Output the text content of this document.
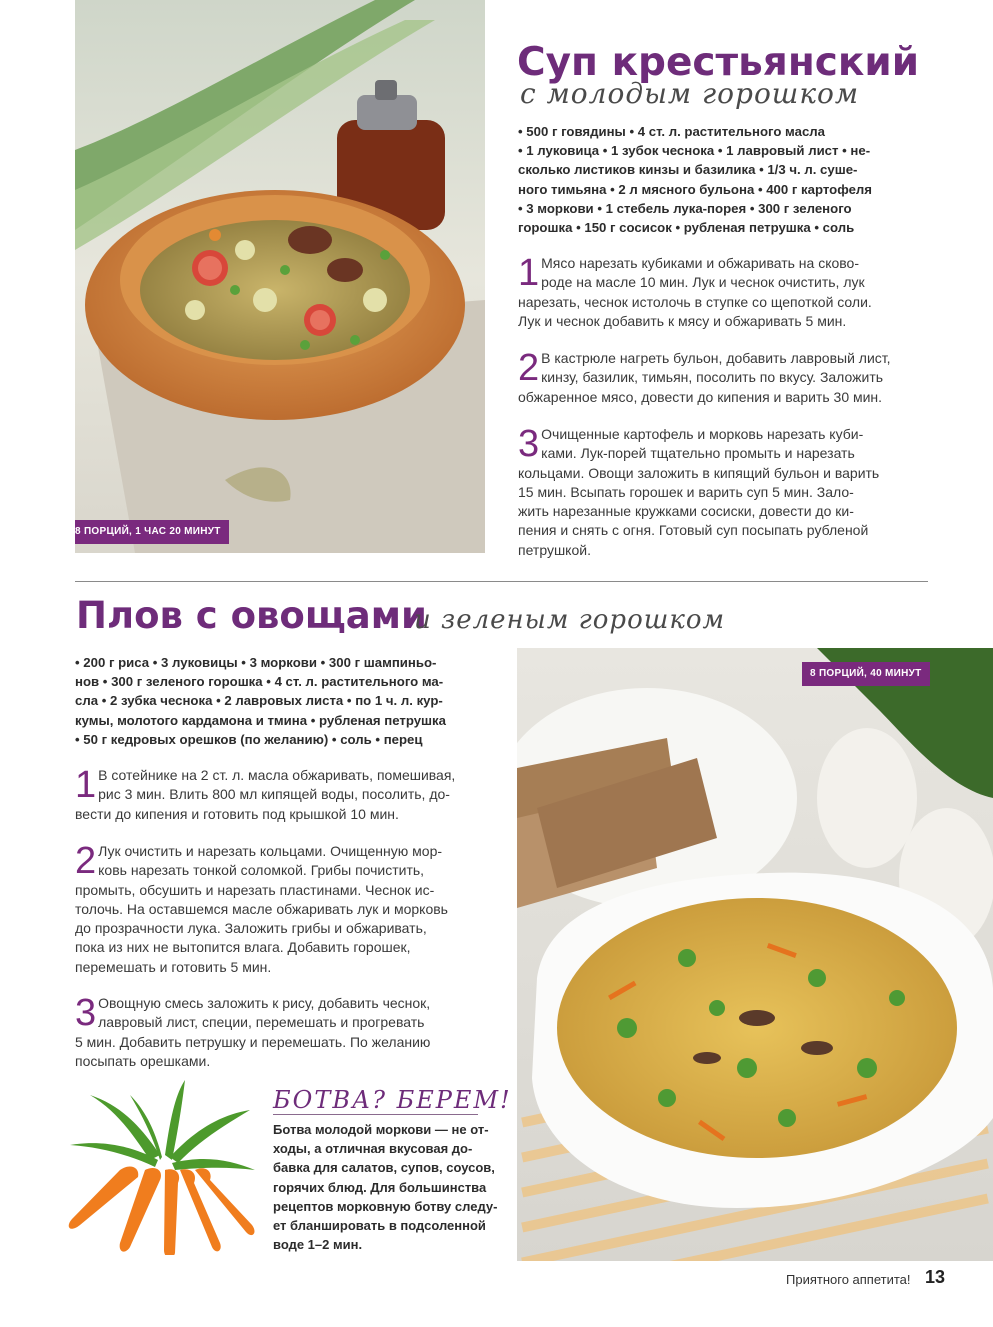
8 ПОРЦИЙ, 1 ЧАС 20 МИНУТ
Суп крестьянский
с молодым горошком
• 500 г говядины • 4 ст. л. растительного масла
• 1 луковица • 1 зубок чеснока • 1 лавровый лист • не-
сколько листиков кинзы и базилика • 1/3 ч. л. суше-
ного тимьяна • 2 л мясного бульона • 400 г картофеля
• 3 моркови • 1 стебель лука-порея • 300 г зеленого
горошка • 150 г сосисок • рубленая петрушка • соль
1 Мясо нарезать кубиками и обжаривать на сково-
роде на масле 10 мин. Лук и чеснок очистить, лук
нарезать, чеснок истолочь в ступке со щепоткой соли.
Лук и чеснок добавить к мясу и обжаривать 5 мин.
2 В кастрюле нагреть бульон, добавить лавровый лист,
кинзу, базилик, тимьян, посолить по вкусу. Заложить
обжаренное мясо, довести до кипения и варить 30 мин.
3 Очищенные картофель и морковь нарезать куби-
ками. Лук-порей тщательно промыть и нарезать
кольцами. Овощи заложить в кипящий бульон и варить
15 мин. Всыпать горошек и варить суп 5 мин. Зало-
жить нарезанные кружками сосиски, довести до ки-
пения и снять с огня. Готовый суп посыпать рубленой
петрушкой.
Плов с овощами
и зеленым горошком
• 200 г риса • 3 луковицы • 3 моркови • 300 г шампиньо-
нов • 300 г зеленого горошка • 4 ст. л. растительного ма-
сла • 2 зубка чеснока • 2 лавровых листа • по 1 ч. л. кур-
кумы, молотого кардамона и тмина • рубленая петрушка
• 50 г кедровых орешков (по желанию) • соль • перец
1 В сотейнике на 2 ст. л. масла обжаривать, помешивая,
рис 3 мин. Влить 800 мл кипящей воды, посолить, до-
вести до кипения и готовить под крышкой 10 мин.
2 Лук очистить и нарезать кольцами. Очищенную мор-
ковь нарезать тонкой соломкой. Грибы почистить,
промыть, обсушить и нарезать пластинами. Чеснок ис-
толочь. На оставшемся масле обжаривать лук и морковь
до прозрачности лука. Заложить грибы и обжаривать,
пока из них не вытопится влага. Добавить горошек,
перемешать и готовить 5 мин.
3 Овощную смесь заложить к рису, добавить чеснок,
лавровый лист, специи, перемешать и прогревать
5 мин. Добавить петрушку и перемешать. По желанию
посыпать орешками.
БОТВА? БЕРЕМ!
Ботва молодой моркови — не от-
ходы, а отличная вкусовая до-
бавка для салатов, супов, соусов,
горячих блюд. Для большинства
рецептов морковную ботву следу-
ет бланшировать в подсоленной
воде 1–2 мин.
8 ПОРЦИЙ, 40 МИНУТ
Приятного аппетита! 13
